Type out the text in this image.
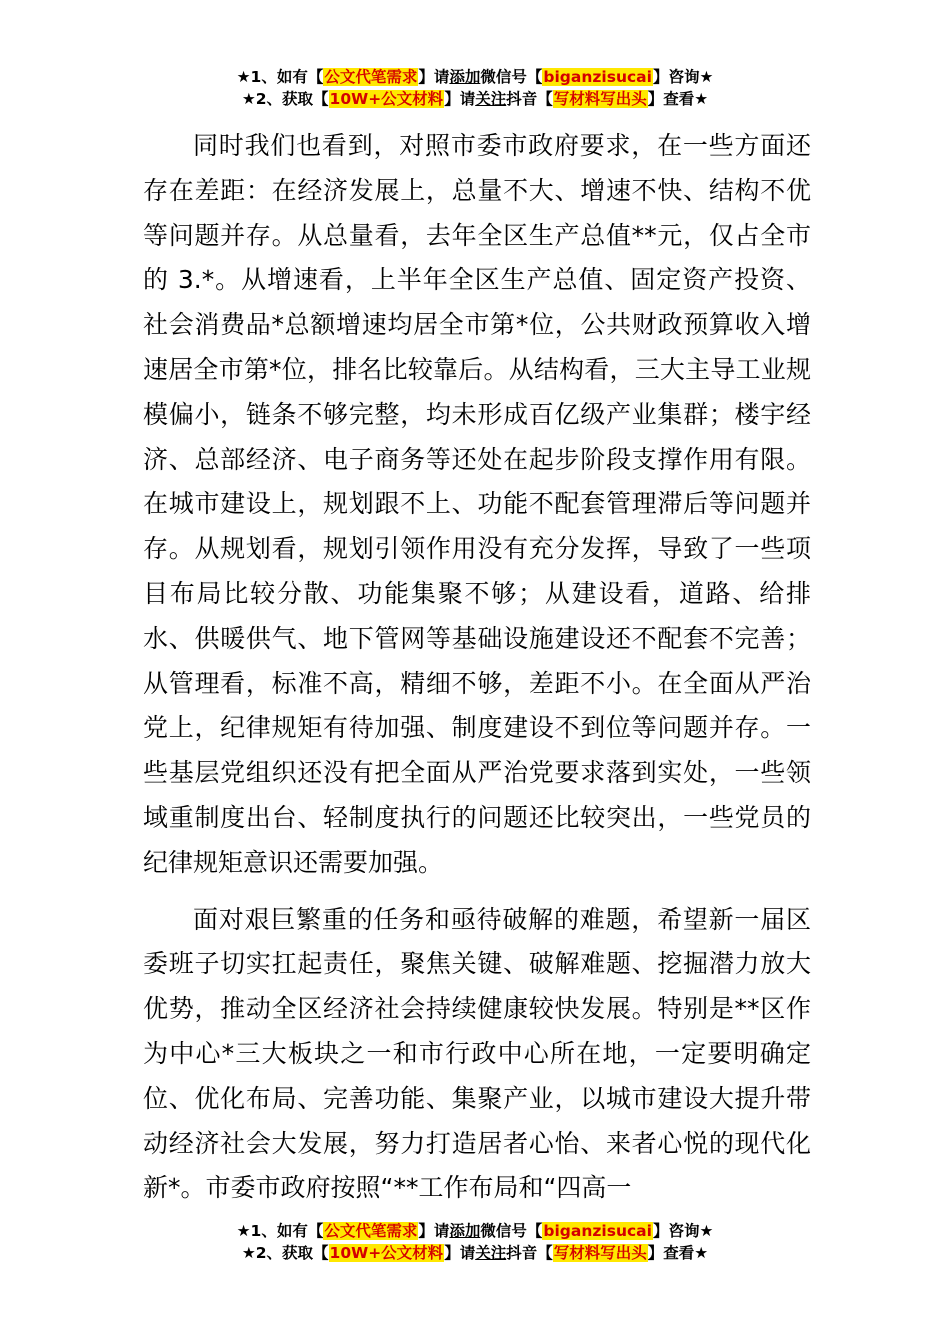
★1、如有【公文代笔需求】请添加微信号【biganzisucai】咨询★
★2、获取【10W+公文材料】请关注抖音【写材料写出头】查看★

同时我们也看到，对照市委市政府要求，在一些方面还存在差距：在经济发展上，总量不大、增速不快、结构不优等问题并存。从总量看，去年全区生产总值**元，仅占全市的 3.*。从增速看，上半年全区生产总值、固定资产投资、社会消费品*总额增速均居全市第*位，公共财政预算收入增速居全市第*位，排名比较靠后。从结构看，三大主导工业规模偏小，链条不够完整，均未形成百亿级产业集群；楼宇经济、总部经济、电子商务等还处在起步阶段支撑作用有限。在城市建设上，规划跟不上、功能不配套管理滞后等问题并存。从规划看，规划引领作用没有充分发挥，导致了一些项目布局比较分散、功能集聚不够；从建设看，道路、给排水、供暖供气、地下管网等基础设施建设还不配套不完善；从管理看，标准不高，精细不够，差距不小。在全面从严治党上，纪律规矩有待加强、制度建设不到位等问题并存。一些基层党组织还没有把全面从严治党要求落到实处，一些领域重制度出台、轻制度执行的问题还比较突出，一些党员的纪律规矩意识还需要加强。

面对艰巨繁重的任务和亟待破解的难题，希望新一届区委班子切实扛起责任，聚焦关键、破解难题、挖掘潜力放大优势，推动全区经济社会持续健康较快发展。特别是**区作为中心*三大板块之一和市行政中心所在地，一定要明确定位、优化布局、完善功能、集聚产业，以城市建设大提升带动经济社会大发展，努力打造居者心怡、来者心悦的现代化新*。市委市政府按照“**工作布局和“四高一

★1、如有【公文代笔需求】请添加微信号【biganzisucai】咨询★
★2、获取【10W+公文材料】请关注抖音【写材料写出头】查看★
